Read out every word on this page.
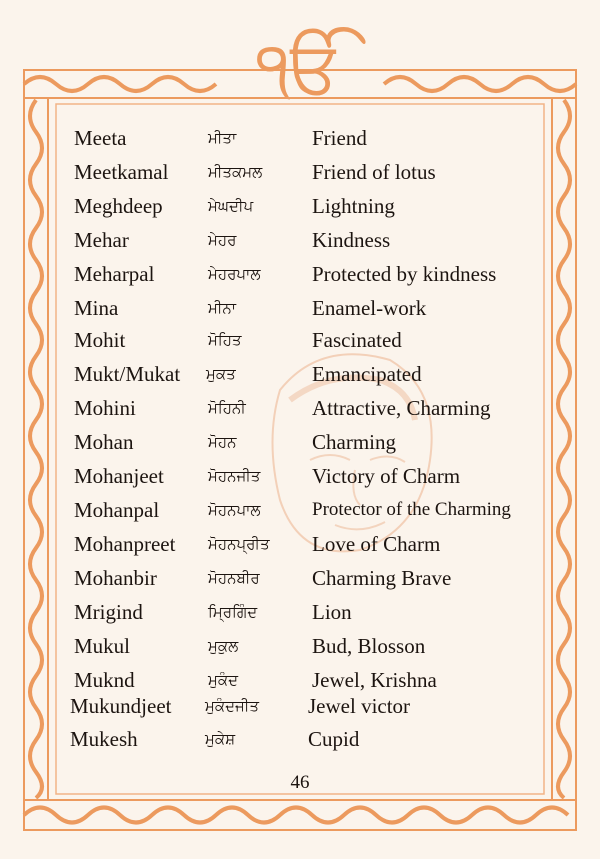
ੴ
Meeta	ਮੀਤਾ	Friend
Meetkamal	ਮੀਤਕਮਲ Friend of lotus
Meghdeep	ਮੇਘਦੀਪ	Lightning
Mehar	ਮੇਹਰ	Kindness
Meharpal	ਮੇਹਰਪਾਲ Protected by kindness
Mina	ਮੀਨਾ	Enamel-work
Mohit	ਮੋਹਿਤ	Fascinated
Mukt/Mukat ਮੁਕਤ	Emancipated
Mohini	ਮੋਹਿਨੀ	Attractive, Charming
Mohan	ਮੋਹਨ	Charming
Mohanjeet	ਮੋਹਨਜੀਤ Victory of Charm
Mohanpal	ਮੋਹਨਪਾਲ	Protector of the Charming
Mohanpreet ਮੋਹਨਪ੍ਰੀਤ Love of Charm
Mohanbir	ਮੋਹਨਬੀਰ Charming Brave
Mrigind	ਮ੍ਰਿਗਿੰਦ	Lion
Mukul	ਮੁਕੁਲ	Bud, Blosson
Muknd	ਮੁਕੰਦ	Jewel, Krishna
Mukundjeet ਮੁਕੰਦਜੀਤ Jewel victor
Mukesh	ਮੁਕੇਸ਼	Cupid
46
